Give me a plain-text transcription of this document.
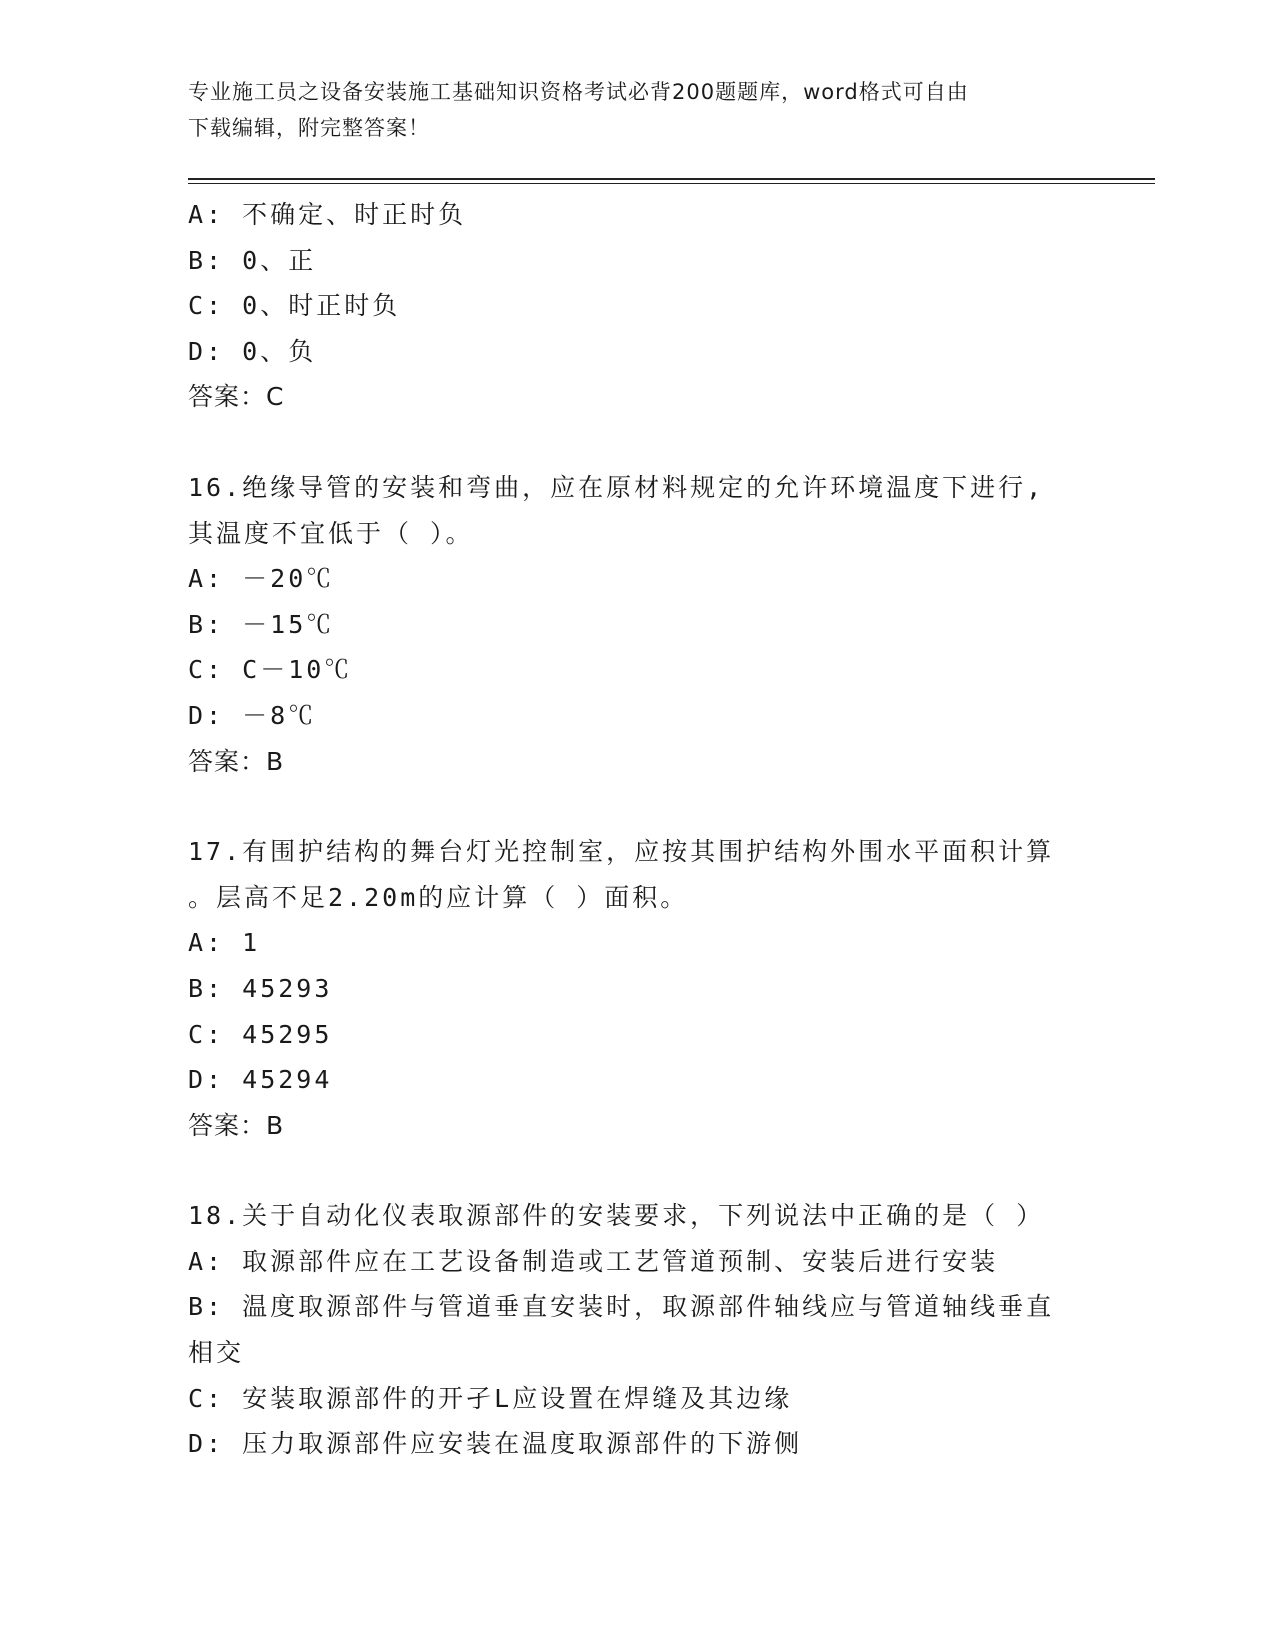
专业施工员之设备安装施工基础知识资格考试必背200题题库，word格式可自由
下载编辑，附完整答案！
A: 不确定、时正时负
B: 0、正
C: 0、时正时负
D: 0、负
答案：C
16.绝缘导管的安装和弯曲，应在原材料规定的允许环境温度下进行,
其温度不宜低于（ ）。
A: －20℃
B: －15℃
C: C－10℃
D: －8℃
答案：B
17.有围护结构的舞台灯光控制室，应按其围护结构外围水平面积计算
。层高不足2.20m的应计算（ ）面积。
A: 1
B: 45293
C: 45295
D: 45294
答案：B
18.关于自动化仪表取源部件的安装要求，下列说法中正确的是（ ）
A: 取源部件应在工艺设备制造或工艺管道预制、安装后进行安装
B: 温度取源部件与管道垂直安装时，取源部件轴线应与管道轴线垂直
相交
C: 安装取源部件的开孑L应设置在焊缝及其边缘
D: 压力取源部件应安装在温度取源部件的下游侧
